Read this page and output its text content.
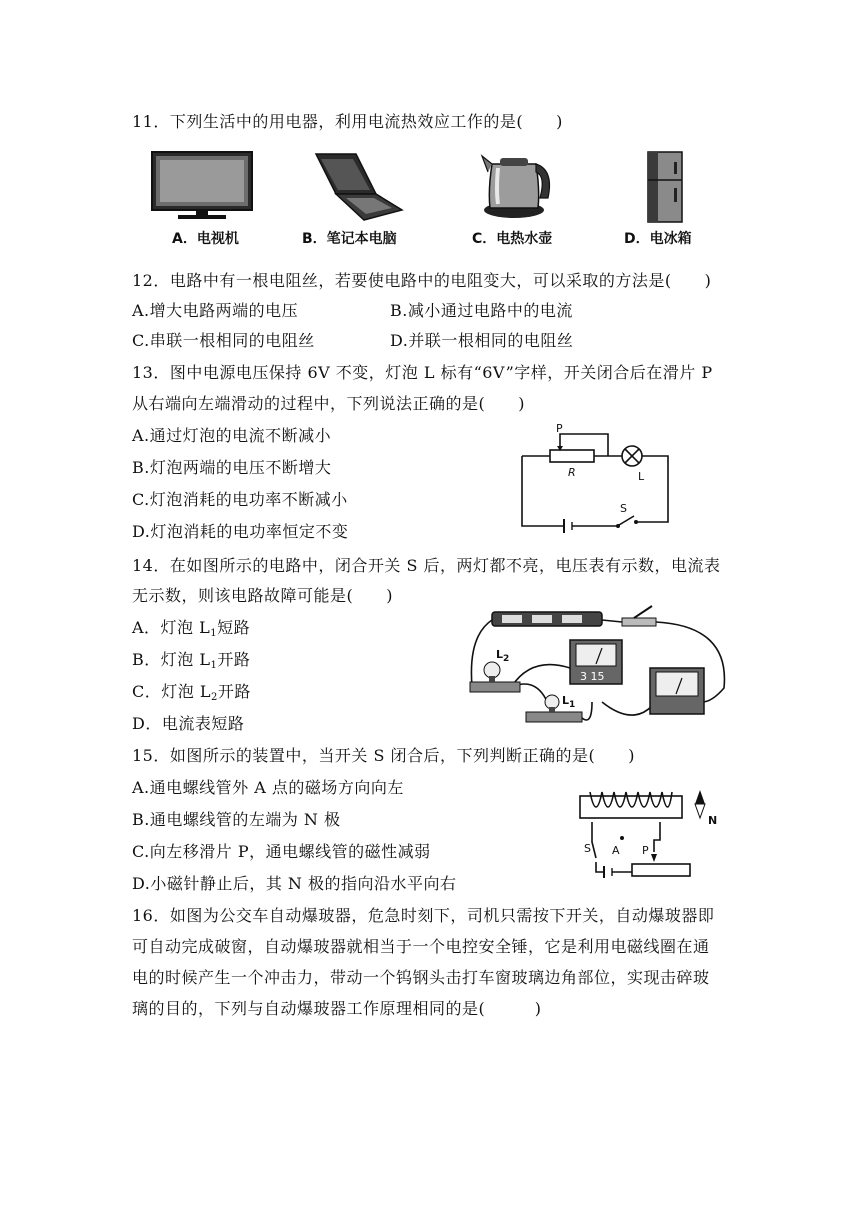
11．下列生活中的用电器，利用电流热效应工作的是(　　)
A．电视机	B．笔记本电脑	C．电热水壶	D．电冰箱
12．电路中有一根电阻丝，若要使电路中的电阻变大，可以采取的方法是(　　)
A.增大电路两端的电压	B.减小通过电路中的电流
C.串联一根相同的电阻丝	D.并联一根相同的电阻丝
13．图中电源电压保持 6V 不变，灯泡 L 标有“6V”字样，开关闭合后在滑片 P
从右端向左端滑动的过程中，下列说法正确的是(　　)
A.通过灯泡的电流不断减小
B.灯泡两端的电压不断增大
C.灯泡消耗的电功率不断减小
D.灯泡消耗的电功率恒定不变
P
R	L
S
14．在如图所示的电路中，闭合开关 S 后，两灯都不亮，电压表有示数，电流表
无示数，则该电路故障可能是(　　)
A．灯泡 $L_1$短路
B．灯泡 $L_1$开路
C．灯泡 $L_2$开路
D．电流表短路
3 15
$L_2$
$L_1$
15．如图所示的装置中，当开关 S 闭合后，下列判断正确的是(　　)
A.通电螺线管外 A 点的磁场方向向左
B.通电螺线管的左端为 N 极
C.向左移滑片 P，通电螺线管的磁性减弱
D.小磁针静止后，其 N 极的指向沿水平向右
S A P
N
16．如图为公交车自动爆玻器，危急时刻下，司机只需按下开关，自动爆玻器即
可自动完成破窗，自动爆玻器就相当于一个电控安全锤，它是利用电磁线圈在通
电的时候产生一个冲击力，带动一个钨钢头击打车窗玻璃边角部位，实现击碎玻
璃的目的，下列与自动爆玻器工作原理相同的是(　　　)
